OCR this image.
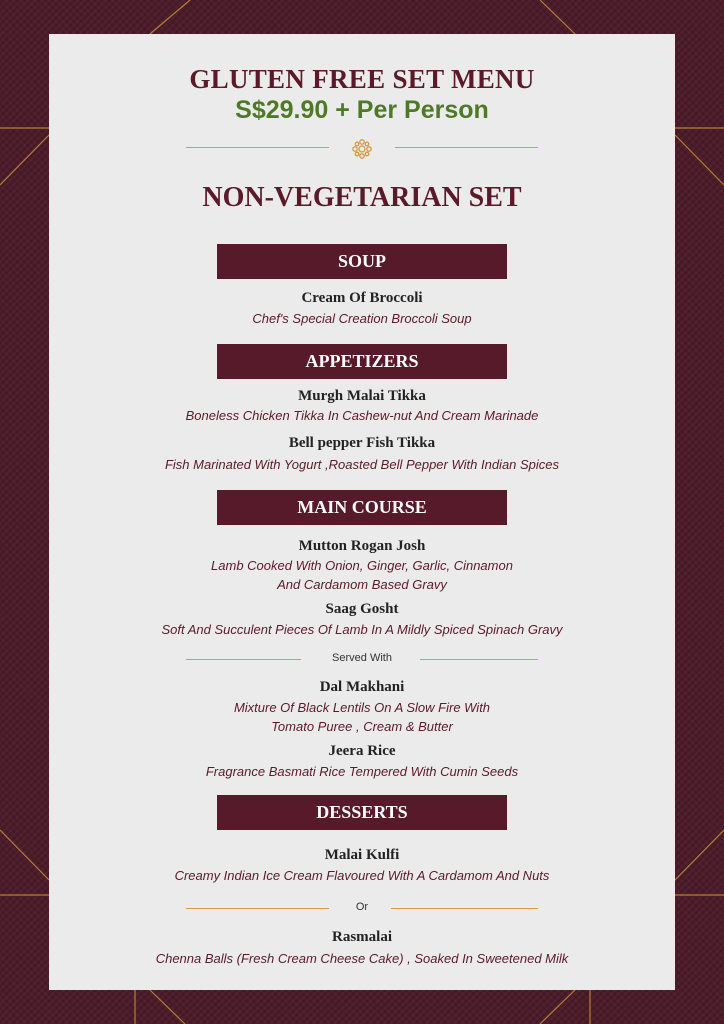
GLUTEN FREE SET MENU
S$29.90 + Per Person
NON-VEGETARIAN SET
SOUP
Cream Of Broccoli
Chef's Special Creation Broccoli Soup
APPETIZERS
Murgh Malai Tikka
Boneless Chicken Tikka In Cashew-nut And Cream Marinade
Bell pepper Fish Tikka
Fish Marinated With Yogurt ,Roasted Bell Pepper With Indian Spices
MAIN COURSE
Mutton Rogan Josh
Lamb Cooked With Onion, Ginger, Garlic, Cinnamon
And Cardamom Based Gravy
Saag Gosht
Soft And Succulent Pieces Of Lamb In A Mildly Spiced Spinach Gravy
Served With
Dal Makhani
Mixture Of Black Lentils On A Slow Fire With
Tomato Puree , Cream & Butter
Jeera Rice
Fragrance Basmati Rice Tempered With Cumin Seeds
DESSERTS
Malai Kulfi
Creamy Indian Ice Cream Flavoured With A Cardamom And Nuts
Or
Rasmalai
Chenna Balls (Fresh Cream Cheese Cake) , Soaked In Sweetened Milk
